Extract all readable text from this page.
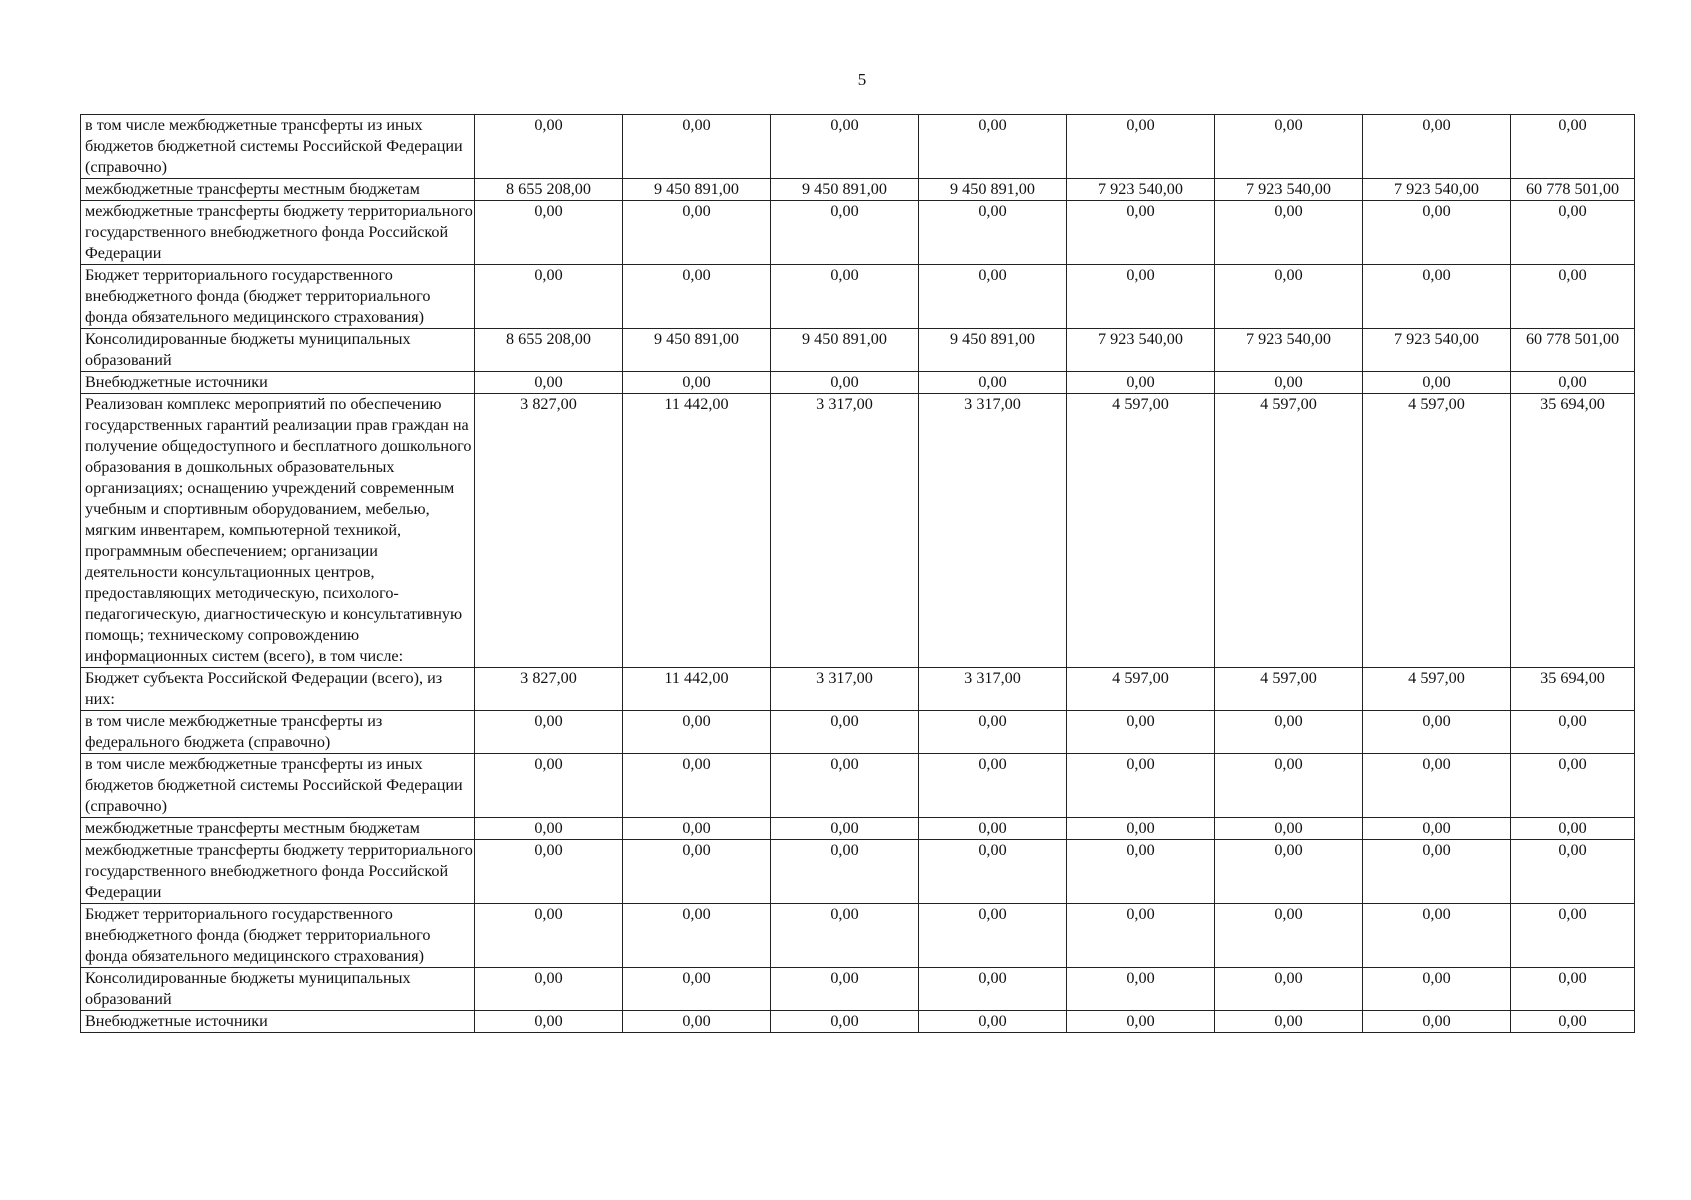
5
в том числе межбюджетные трансферты из иных бюджетов бюджетной системы Российской Федерации (справочно)	0,00	0,00	0,00	0,00	0,00	0,00	0,00	0,00
межбюджетные трансферты местным бюджетам	8 655 208,00	9 450 891,00	9 450 891,00	9 450 891,00	7 923 540,00	7 923 540,00	7 923 540,00	60 778 501,00
межбюджетные трансферты бюджету территориального государственного внебюджетного фонда Российской Федерации	0,00	0,00	0,00	0,00	0,00	0,00	0,00	0,00
Бюджет территориального государственного внебюджетного фонда (бюджет территориального фонда обязательного медицинского страхования)	0,00	0,00	0,00	0,00	0,00	0,00	0,00	0,00
Консолидированные бюджеты муниципальных образований	8 655 208,00	9 450 891,00	9 450 891,00	9 450 891,00	7 923 540,00	7 923 540,00	7 923 540,00	60 778 501,00
Внебюджетные источники	0,00	0,00	0,00	0,00	0,00	0,00	0,00	0,00
Реализован комплекс мероприятий по обеспечению государственных гарантий реализации прав граждан на получение общедоступного и бесплатного дошкольного образования в дошкольных образовательных организациях; оснащению учреждений современным учебным и спортивным оборудованием, мебелью, мягким инвентарем, компьютерной техникой, программным обеспечением; организации деятельности консультационных центров, предоставляющих методическую, психолого-педагогическую, диагностическую и консультативную помощь; техническому сопровождению информационных систем (всего), в том числе:	3 827,00	11 442,00	3 317,00	3 317,00	4 597,00	4 597,00	4 597,00	35 694,00
Бюджет субъекта Российской Федерации (всего), из них:	3 827,00	11 442,00	3 317,00	3 317,00	4 597,00	4 597,00	4 597,00	35 694,00
в том числе межбюджетные трансферты из федерального бюджета (справочно)	0,00	0,00	0,00	0,00	0,00	0,00	0,00	0,00
в том числе межбюджетные трансферты из иных бюджетов бюджетной системы Российской Федерации (справочно)	0,00	0,00	0,00	0,00	0,00	0,00	0,00	0,00
межбюджетные трансферты местным бюджетам	0,00	0,00	0,00	0,00	0,00	0,00	0,00	0,00
межбюджетные трансферты бюджету территориального государственного внебюджетного фонда Российской Федерации	0,00	0,00	0,00	0,00	0,00	0,00	0,00	0,00
Бюджет территориального государственного внебюджетного фонда (бюджет территориального фонда обязательного медицинского страхования)	0,00	0,00	0,00	0,00	0,00	0,00	0,00	0,00
Консолидированные бюджеты муниципальных образований	0,00	0,00	0,00	0,00	0,00	0,00	0,00	0,00
Внебюджетные источники	0,00	0,00	0,00	0,00	0,00	0,00	0,00	0,00
